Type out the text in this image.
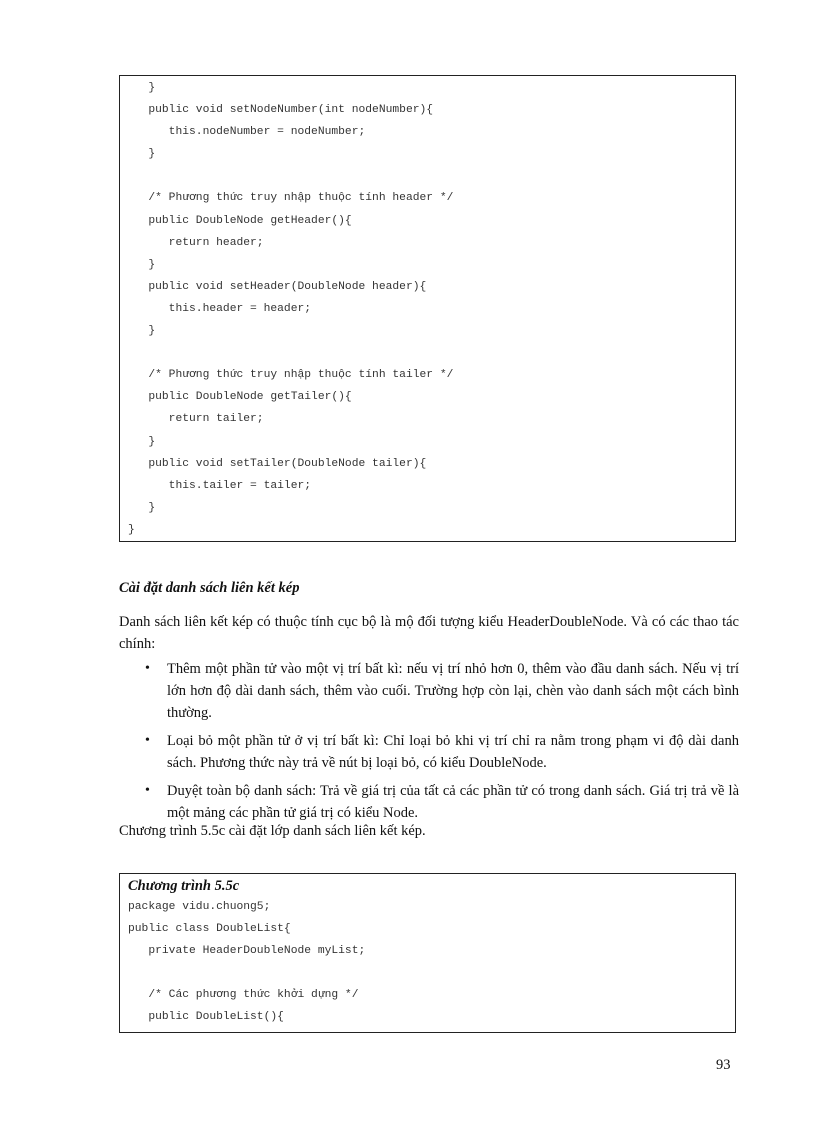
}
public void setNodeNumber(int nodeNumber){
this.nodeNumber = nodeNumber;
}
/* Phương thức truy nhập thuộc tính header */
public DoubleNode getHeader(){
return header;
}
public void setHeader(DoubleNode header){
this.header = header;
}
/* Phương thức truy nhập thuộc tính tailer */
public DoubleNode getTailer(){
return tailer;
}
public void setTailer(DoubleNode tailer){
this.tailer = tailer;
}
}
Cài đặt danh sách liên kết kép
Danh sách liên kết kép có thuộc tính cục bộ là mộ đối tượng kiểu HeaderDoubleNode. Và có các thao tác chính:
• Thêm một phần tử vào một vị trí bất kì: nếu vị trí nhỏ hơn 0, thêm vào đầu danh sách. Nếu vị trí lớn hơn độ dài danh sách, thêm vào cuối. Trường hợp còn lại, chèn vào danh sách một cách bình thường.
• Loại bỏ một phần tử ở vị trí bất kì: Chỉ loại bỏ khi vị trí chỉ ra nằm trong phạm vi độ dài danh sách. Phương thức này trả về nút bị loại bỏ, có kiểu DoubleNode.
• Duyệt toàn bộ danh sách: Trả về giá trị của tất cả các phần tử có trong danh sách. Giá trị trả về là một mảng các phần tử giá trị có kiểu Node.
Chương trình 5.5c cài đặt lớp danh sách liên kết kép.
Chương trình 5.5c
package vidu.chuong5;
public class DoubleList{
private HeaderDoubleNode myList;
/* Các phương thức khởi dựng */
public DoubleList(){
93
